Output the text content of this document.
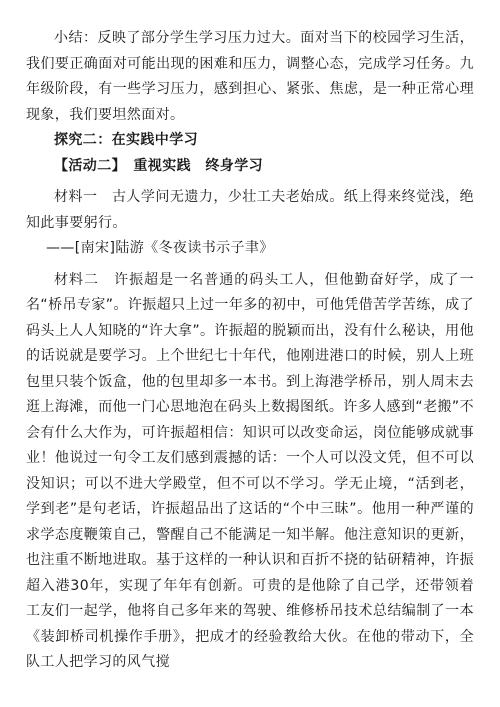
小结：反映了部分学生学习压力过大。面对当下的校园学习生活，我们要正确面对可能出现的困难和压力，调整心态，完成学习任务。九年级阶段，有一些学习压力，感到担心、紧张、焦虑，是一种正常心理现象，我们要坦然面对。

探究二：在实践中学习

【活动二】　重视实践　终身学习

材料一　古人学问无遗力，少壮工夫老始成。纸上得来终觉浅，绝知此事要躬行。

——[南宋]陆游《冬夜读书示子聿》

材料二　许振超是一名普通的码头工人，但他勤奋好学，成了一名“桥吊专家”。许振超只上过一年多的初中，可他凭借苦学苦练，成了码头上人人知晓的“许大拿”。许振超的脱颖而出，没有什么秘诀，用他的话说就是要学习。上个世纪七十年代，他刚进港口的时候，别人上班包里只装个饭盒，他的包里却多一本书。到上海港学桥吊，别人周末去逛上海滩，而他一门心思地泡在码头上数揭图纸。许多人感到“老搬”不会有什么大作为，可许振超相信：知识可以改变命运，岗位能够成就事业！他说过一句令工友们感到震撼的话：一个人可以没文凭，但不可以没知识；可以不进大学殿堂，但不可以不学习。学无止境，“活到老，学到老”是句老话，许振超品出了这话的“个中三昧”。他用一种严谨的求学态度鞭策自己，警醒自己不能满足一知半解。他注意知识的更新，也注重不断地进取。基于这样的一种认识和百折不挠的钻研精神，许振超入港30年，实现了年年有创新。可贵的是他除了自己学，还带领着工友们一起学，他将自己多年来的驾驶、维修桥吊技术总结编制了一本《装卸桥司机操作手册》，把成才的经验教给大伙。在他的带动下，全队工人把学习的风气搅
